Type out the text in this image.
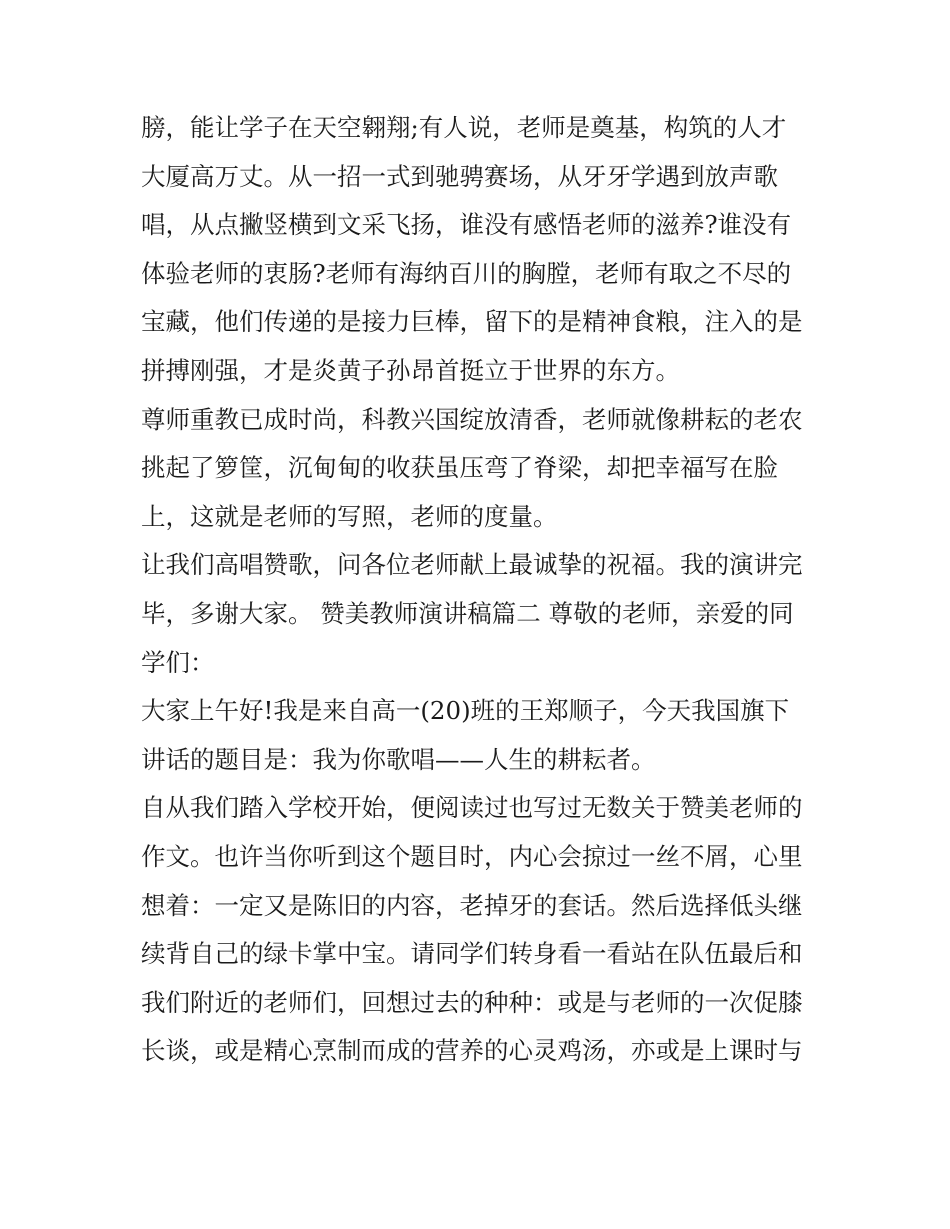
膀，能让学子在天空翱翔;有人说，老师是奠基，构筑的人才
大厦高万丈。从一招一式到驰骋赛场，从牙牙学遇到放声歌
唱，从点撇竖横到文采飞扬，谁没有感悟老师的滋养?谁没有
体验老师的衷肠?老师有海纳百川的胸膛，老师有取之不尽的
宝藏，他们传递的是接力巨棒，留下的是精神食粮，注入的是
拼搏刚强，才是炎黄子孙昂首挺立于世界的东方。
尊师重教已成时尚，科教兴国绽放清香，老师就像耕耘的老农
挑起了箩筐，沉甸甸的收获虽压弯了脊梁，却把幸福写在脸
上，这就是老师的写照，老师的度量。
让我们高唱赞歌，问各位老师献上最诚挚的祝福。我的演讲完
毕，多谢大家。 赞美教师演讲稿篇二 尊敬的老师，亲爱的同
学们：
大家上午好!我是来自高一(20)班的王郑顺子，今天我国旗下
讲话的题目是：我为你歌唱——人生的耕耘者。
自从我们踏入学校开始，便阅读过也写过无数关于赞美老师的
作文。也许当你听到这个题目时，内心会掠过一丝不屑，心里
想着：一定又是陈旧的内容，老掉牙的套话。然后选择低头继
续背自己的绿卡掌中宝。请同学们转身看一看站在队伍最后和
我们附近的老师们，回想过去的种种：或是与老师的一次促膝
长谈，或是精心烹制而成的营养的心灵鸡汤，亦或是上课时与
